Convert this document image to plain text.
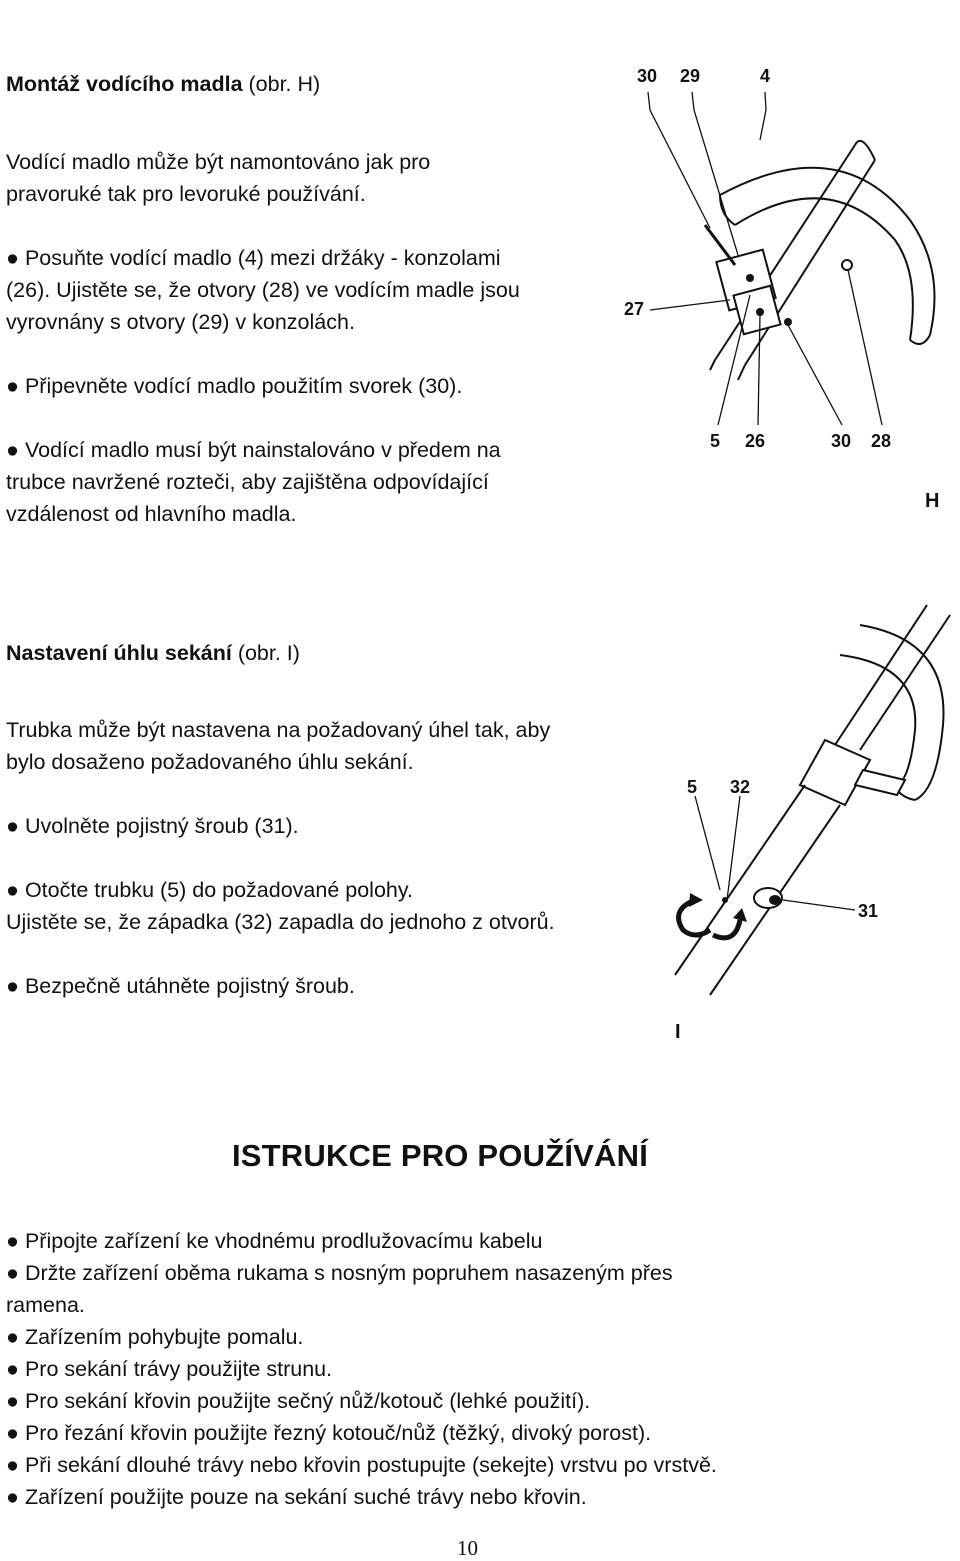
Montáž vodícího madla (obr. H)
Vodící madlo může být namontováno jak pro
pravoruké tak pro levoruké používání.
● Posuňte vodící madlo (4) mezi držáky - konzolami
(26). Ujistěte se, že otvory (28) ve vodícím madle jsou
vyrovnány s otvory (29) v konzolách.
● Připevněte vodící madlo použitím svorek (30).
● Vodící madlo musí být nainstalováno v předem na
trubce navržené rozteči, aby zajištěna odpovídající
vzdálenost od hlavního madla.
30 29	4
27
5 26	30 28
H
Nastavení úhlu sekání (obr. I)
Trubka může být nastavena na požadovaný úhel tak, aby
bylo dosaženo požadovaného úhlu sekání.
● Uvolněte pojistný šroub (31).
● Otočte trubku (5) do požadované polohy.
Ujistěte se, že západka (32) zapadla do jednoho z otvorů.
● Bezpečně utáhněte pojistný šroub.
5 32
31
I
ISTRUKCE PRO POUŽÍVÁNÍ
● Připojte zařízení ke vhodnému prodlužovacímu kabelu
● Držte zařízení oběma rukama s nosným popruhem nasazeným přes
ramena.
● Zařízením pohybujte pomalu.
● Pro sekání trávy použijte strunu.
● Pro sekání křovin použijte sečný nůž/kotouč (lehké použití).
● Pro řezání křovin použijte řezný kotouč/nůž (těžký, divoký porost).
● Při sekání dlouhé trávy nebo křovin postupujte (sekejte) vrstvu po vrstvě.
● Zařízení použijte pouze na sekání suché trávy nebo křovin.
10
